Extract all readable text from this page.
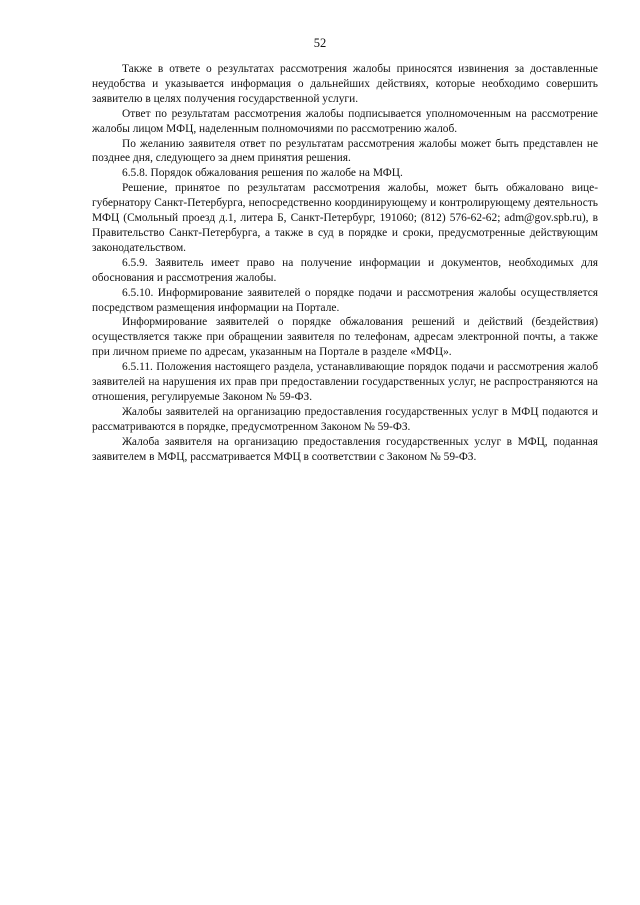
52

Также в ответе о результатах рассмотрения жалобы приносятся извинения за доставленные неудобства и указывается информация о дальнейших действиях, которые необходимо совершить заявителю в целях получения государственной услуги.

Ответ по результатам рассмотрения жалобы подписывается уполномоченным на рассмотрение жалобы лицом МФЦ, наделенным полномочиями по рассмотрению жалоб.

По желанию заявителя ответ по результатам рассмотрения жалобы может быть представлен не позднее дня, следующего за днем принятия решения.

6.5.8. Порядок обжалования решения по жалобе на МФЦ.

Решение, принятое по результатам рассмотрения жалобы, может быть обжаловано вице-губернатору Санкт-Петербурга, непосредственно координирующему и контролирующему деятельность МФЦ (Смольный проезд д.1, литера Б, Санкт-Петербург, 191060; (812) 576-62-62; adm@gov.spb.ru), в Правительство Санкт-Петербурга, а также в суд в порядке и сроки, предусмотренные действующим законодательством.

6.5.9. Заявитель имеет право на получение информации и документов, необходимых для обоснования и рассмотрения жалобы.

6.5.10. Информирование заявителей о порядке подачи и рассмотрения жалобы осуществляется посредством размещения информации на Портале.

Информирование заявителей о порядке обжалования решений и действий (бездействия) осуществляется также при обращении заявителя по телефонам, адресам электронной почты, а также при личном приеме по адресам, указанным на Портале в разделе «МФЦ».

6.5.11. Положения настоящего раздела, устанавливающие порядок подачи и рассмотрения жалоб заявителей на нарушения их прав при предоставлении государственных услуг, не распространяются на отношения, регулируемые Законом № 59-ФЗ.

Жалобы заявителей на организацию предоставления государственных услуг в МФЦ подаются и рассматриваются в порядке, предусмотренном Законом № 59-ФЗ.

Жалоба заявителя на организацию предоставления государственных услуг в МФЦ, поданная заявителем в МФЦ, рассматривается МФЦ в соответствии с Законом № 59-ФЗ.
